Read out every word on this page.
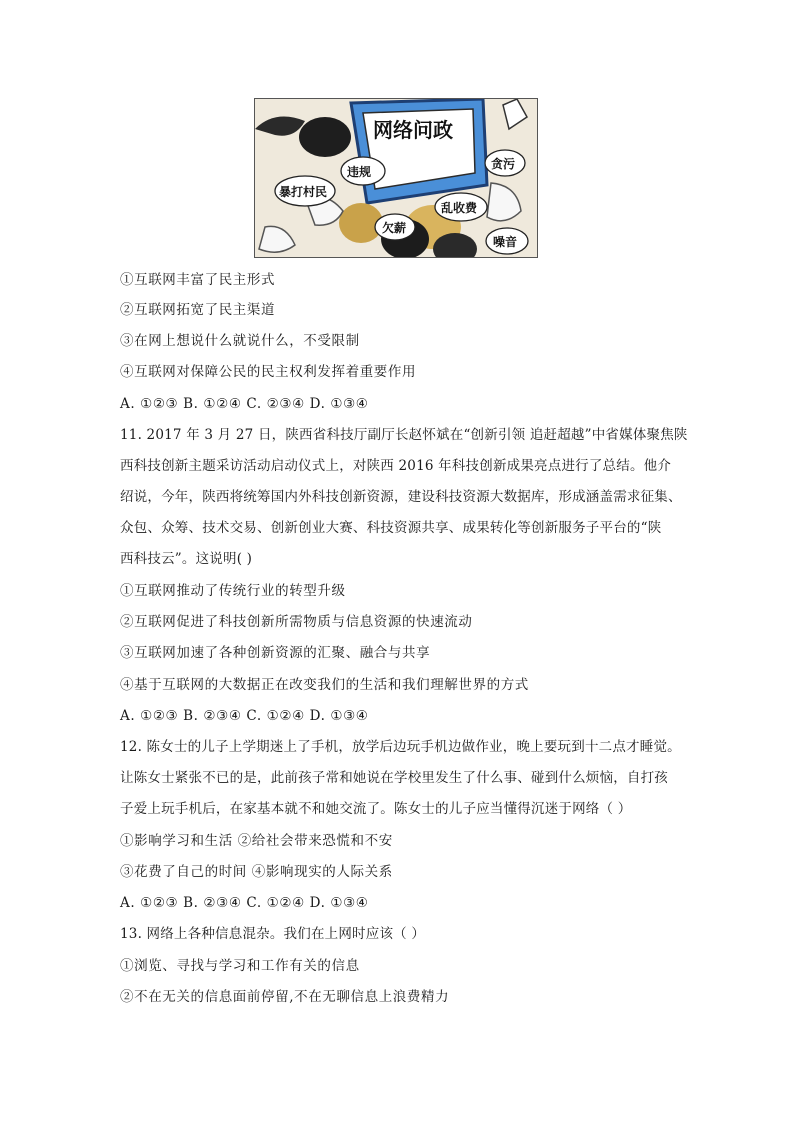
网络问政
违规
贪污
暴打村民
乱收费
欠薪
噪音
①互联网丰富了民主形式
②互联网拓宽了民主渠道
③在网上想说什么就说什么，不受限制
④互联网对保障公民的民主权利发挥着重要作用
A. ①②③ B. ①②④ C. ②③④ D. ①③④
11. 2017 年 3 月 27 日，陕西省科技厅副厅长赵怀斌在“创新引领 追赶超越”中省媒体聚焦陕
西科技创新主题采访活动启动仪式上，对陕西 2016 年科技创新成果亮点进行了总结。他介
绍说，今年，陕西将统筹国内外科技创新资源，建设科技资源大数据库，形成涵盖需求征集、
众包、众筹、技术交易、创新创业大赛、科技资源共享、成果转化等创新服务子平台的“陕
西科技云”。这说明( )
①互联网推动了传统行业的转型升级
②互联网促进了科技创新所需物质与信息资源的快速流动
③互联网加速了各种创新资源的汇聚、融合与共享
④基于互联网的大数据正在改变我们的生活和我们理解世界的方式
A. ①②③ B. ②③④ C. ①②④ D. ①③④
12. 陈女士的儿子上学期迷上了手机，放学后边玩手机边做作业，晚上要玩到十二点才睡觉。
让陈女士紧张不已的是，此前孩子常和她说在学校里发生了什么事、碰到什么烦恼，自打孩
子爱上玩手机后，在家基本就不和她交流了。陈女士的儿子应当懂得沉迷于网络（ ）
①影响学习和生活 ②给社会带来恐慌和不安
③花费了自己的时间 ④影响现实的人际关系
A. ①②③ B. ②③④ C. ①②④ D. ①③④
13. 网络上各种信息混杂。我们在上网时应该（ ）
①浏览、寻找与学习和工作有关的信息
②不在无关的信息面前停留,不在无聊信息上浪费精力
